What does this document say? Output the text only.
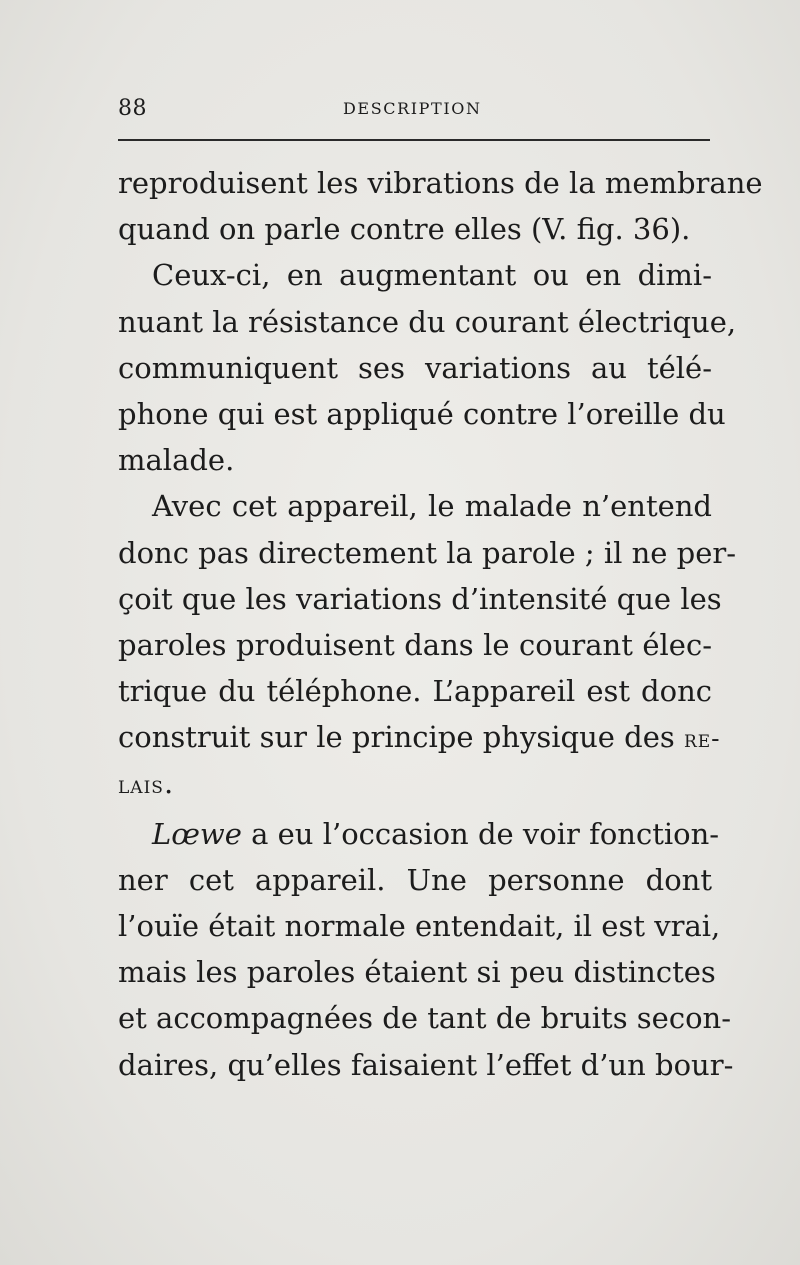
88	DESCRIPTION
reproduisent les vibrations de la membrane
quand on parle contre elles (V. fig. 36).
Ceux-ci, en augmentant ou en dimi-
nuant la résistance du courant électrique,
communiquent ses variations au télé-
phone qui est appliqué contre l’oreille du
malade.
Avec cet appareil, le malade n’entend
donc pas directement la parole ; il ne per-
çoit que les variations d’intensité que les
paroles produisent dans le courant élec-
trique du téléphone. L’appareil est donc
construit sur le principe physique des re-
lais.
Lœwe a eu l’occasion de voir fonction-
ner cet appareil. Une personne dont
l’ouïe était normale entendait, il est vrai,
mais les paroles étaient si peu distinctes
et accompagnées de tant de bruits secon-
daires, qu’elles faisaient l’effet d’un bour-
